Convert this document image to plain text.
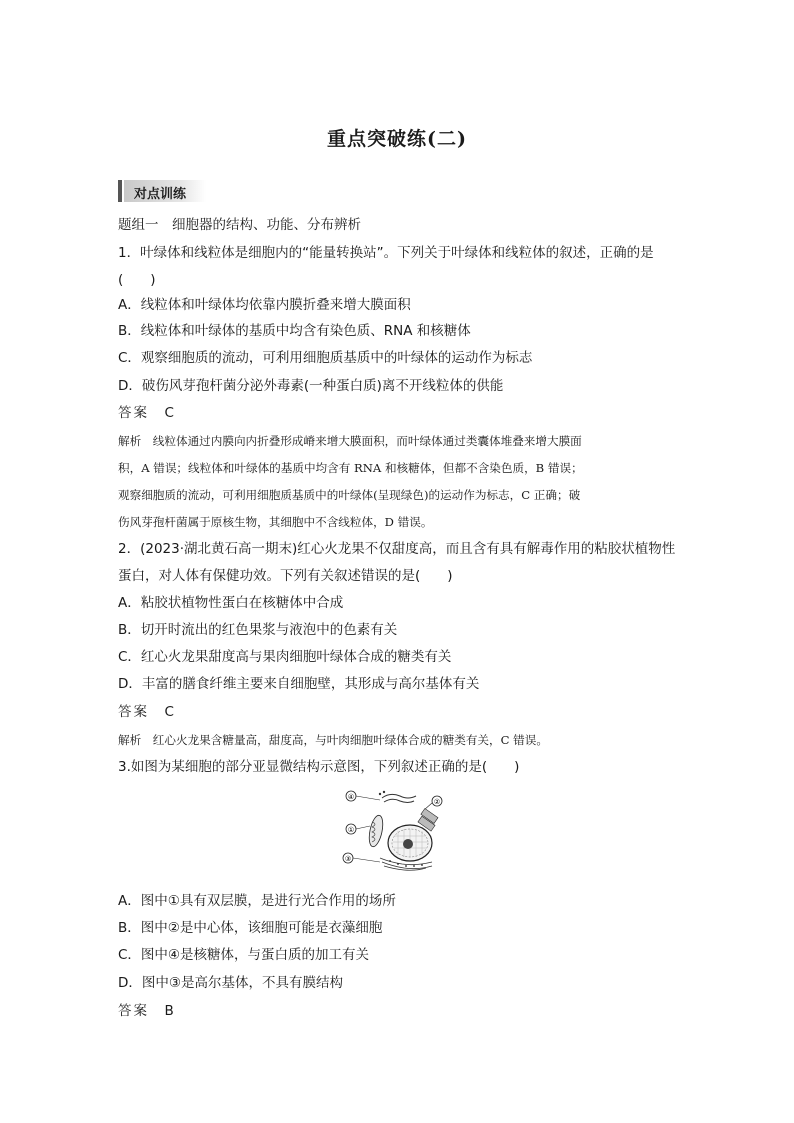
重点突破练(二)
对点训练
题组一　细胞器的结构、功能、分布辨析
1．叶绿体和线粒体是细胞内的“能量转换站”。下列关于叶绿体和线粒体的叙述，正确的是
(　　)
A．线粒体和叶绿体均依靠内膜折叠来增大膜面积
B．线粒体和叶绿体的基质中均含有染色质、RNA 和核糖体
C．观察细胞质的流动，可利用细胞质基质中的叶绿体的运动作为标志
D．破伤风芽孢杆菌分泌外毒素(一种蛋白质)离不开线粒体的供能
答案　C
解析　线粒体通过内膜向内折叠形成嵴来增大膜面积，而叶绿体通过类囊体堆叠来增大膜面
积，A 错误；线粒体和叶绿体的基质中均含有 RNA 和核糖体，但都不含染色质，B 错误；
观察细胞质的流动，可利用细胞质基质中的叶绿体(呈现绿色)的运动作为标志，C 正确；破
伤风芽孢杆菌属于原核生物，其细胞中不含线粒体，D 错误。
2．(2023·湖北黄石高一期末)红心火龙果不仅甜度高，而且含有具有解毒作用的粘胶状植物性
蛋白，对人体有保健功效。下列有关叙述错误的是(　　)
A．粘胶状植物性蛋白在核糖体中合成
B．切开时流出的红色果浆与液泡中的色素有关
C．红心火龙果甜度高与果肉细胞叶绿体合成的糖类有关
D．丰富的膳食纤维主要来自细胞壁，其形成与高尔基体有关
答案　C
解析　红心火龙果含糖量高，甜度高，与叶肉细胞叶绿体合成的糖类有关，C 错误。
3.如图为某细胞的部分亚显微结构示意图，下列叙述正确的是(　　)
④
②
①
③
A．图中①具有双层膜，是进行光合作用的场所
B．图中②是中心体，该细胞可能是衣藻细胞
C．图中④是核糖体，与蛋白质的加工有关
D．图中③是高尔基体，不具有膜结构
答案　B
